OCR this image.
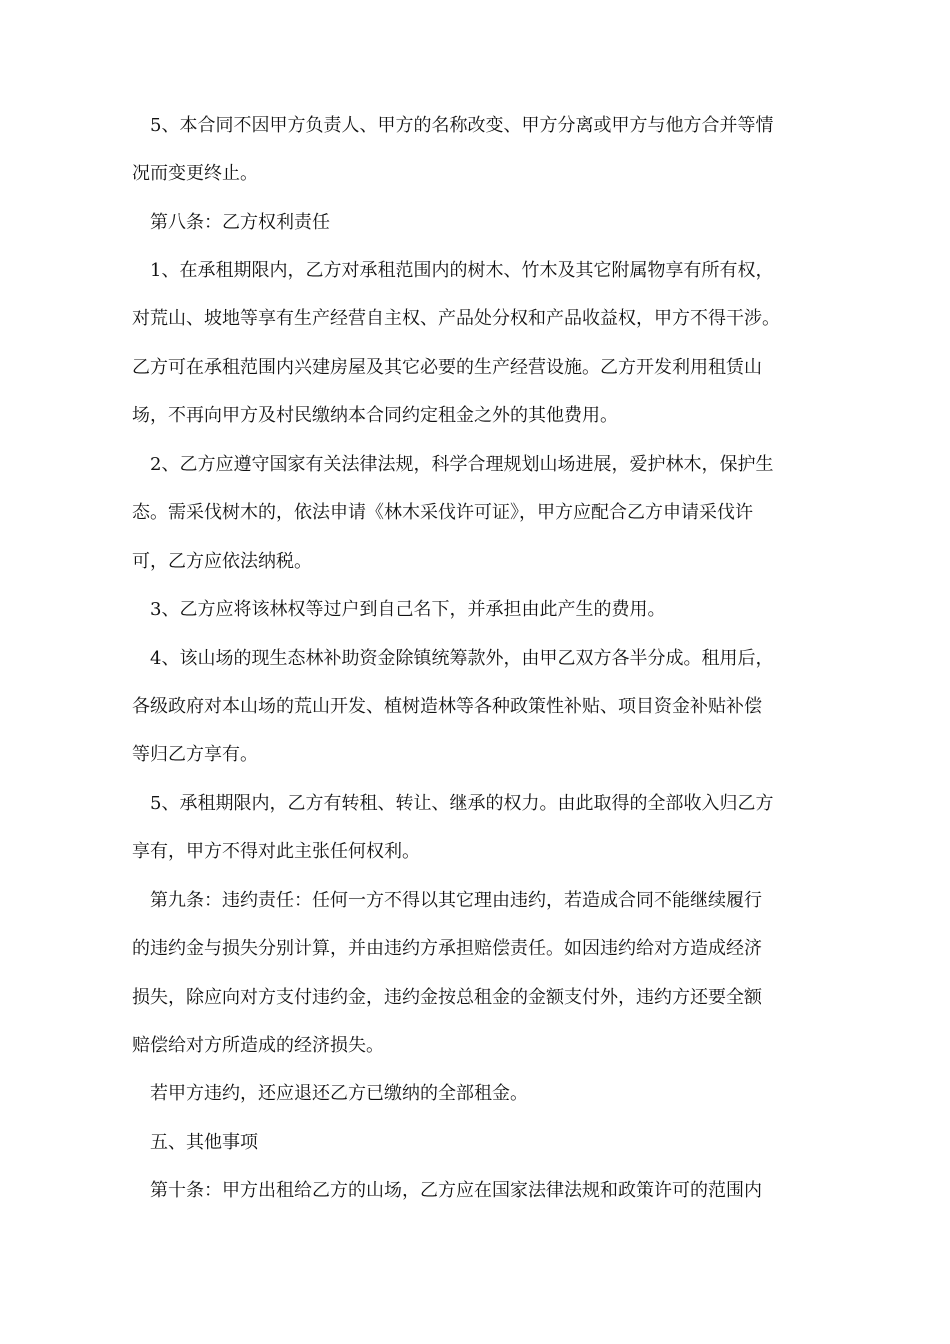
5、本合同不因甲方负责人、甲方的名称改变、甲方分离或甲方与他方合并等情
况而变更终止。
第八条：乙方权利责任
1、在承租期限内，乙方对承租范围内的树木、竹木及其它附属物享有所有权，
对荒山、坡地等享有生产经营自主权、产品处分权和产品收益权，甲方不得干涉。
乙方可在承租范围内兴建房屋及其它必要的生产经营设施。乙方开发利用租赁山
场，不再向甲方及村民缴纳本合同约定租金之外的其他费用。
2、乙方应遵守国家有关法律法规，科学合理规划山场进展，爱护林木，保护生
态。需采伐树木的，依法申请《林木采伐许可证》，甲方应配合乙方申请采伐许
可，乙方应依法纳税。
3、乙方应将该林权等过户到自己名下，并承担由此产生的费用。
4、该山场的现生态林补助资金除镇统筹款外，由甲乙双方各半分成。租用后，
各级政府对本山场的荒山开发、植树造林等各种政策性补贴、项目资金补贴补偿
等归乙方享有。
5、承租期限内，乙方有转租、转让、继承的权力。由此取得的全部收入归乙方
享有，甲方不得对此主张任何权利。
第九条：违约责任：任何一方不得以其它理由违约，若造成合同不能继续履行
的违约金与损失分别计算，并由违约方承担赔偿责任。如因违约给对方造成经济
损失，除应向对方支付违约金，违约金按总租金的金额支付外，违约方还要全额
赔偿给对方所造成的经济损失。
若甲方违约，还应退还乙方已缴纳的全部租金。
五、其他事项
第十条：甲方出租给乙方的山场，乙方应在国家法律法规和政策许可的范围内
